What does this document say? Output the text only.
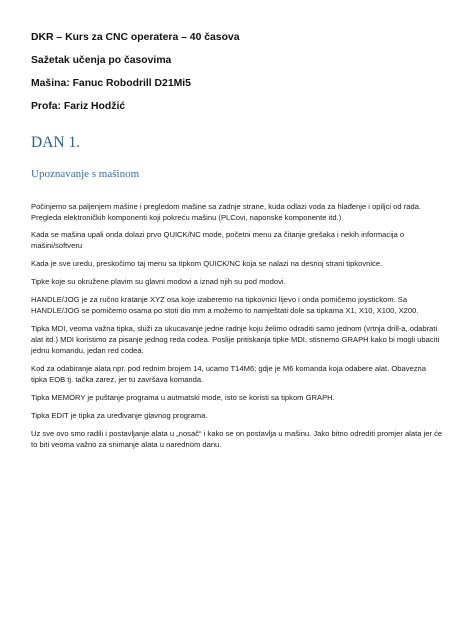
DKR – Kurs za CNC operatera – 40 časova
Sažetak učenja po časovima
Mašina: Fanuc Robodrill D21Mi5
Profa: Fariz Hodžić
DAN 1.
Upoznavanje s mašinom
Počinjemo sa paljenjem mašine i pregledom mašine sa zadnje strane, kuda odlazi voda za hlađenje i opiljci od rada. Pregleda elektroničkih komponenti koji pokreću mašinu (PLCovi, naponske komponente itd.)
Kada se mašina upali onda dolazi prvo QUICK/NC mode, početni menu za čitanje grešaka i nekih informacija o mašini/softveru
Kada je sve uredu, preskočimo taj menu sa tipkom QUICK/NC koja se nalazi na desnoj strani tipkovnice.
Tipke koje su okružene plavim su glavni modovi a iznad njih su pod modovi.
HANDLE/JOG je za ručno kratanje XYZ osa koje izaberemo na tipkovnici lijevo i onda pomičemo joystickom. Sa HANDLE/JOG se pomičemo osama po stoti dio mm a možemo to namještati dole sa tipkama X1, X10, X100, X200.
Tipka MDI, veoma važna tipka, služi za ukucavanje jedne radnje koju želimo odraditi samo jednom (vrtnja drill-a, odabrati alat itd.) MDI koristimo za pisanje jednog reda codea. Poslije pritiskanja tipke MDI, stisnemo GRAPH kako bi mogli ubaciti jednu komandu, jedan red codea.
Kod za odabiranje alata npr. pod rednim brojem 14, ucamo T14M6; gdje je M6 komanda koja odabere alat. Obavezna tipka EOB tj. tačka zarez, jer tu završava komanda.
Tipka MEMORY je puštanje programa u autmatski mode, isto se koristi sa tipkom GRAPH.
Tipka EDIT je tipka za uređivanje glavnog programa.
Uz sve ovo smo radili i postavljanje alata u „nosač“ i kako se on postavlja u mašinu. Jako bitno odrediti promjer alata jer će to biti veoma važno za snimanje alata u narednom danu.
